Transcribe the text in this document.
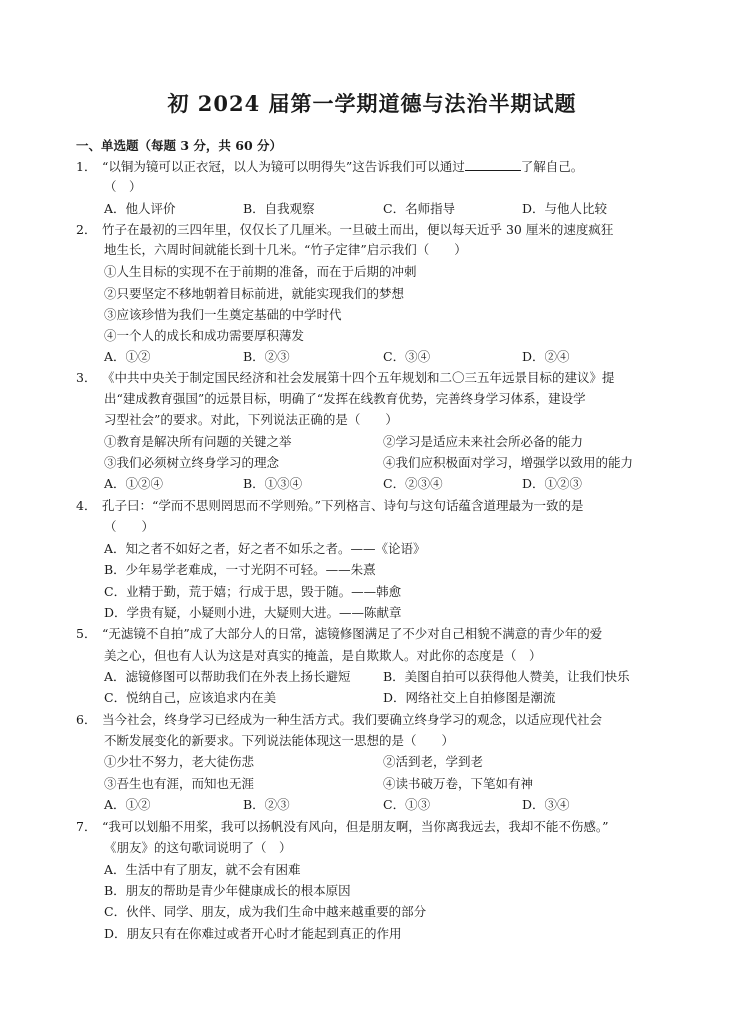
初 2024 届第一学期道德与法治半期试题
一、单选题（每题 3 分，共 60 分）
1． “以铜为镜可以正衣冠，以人为镜可以明得失”这告诉我们可以通过	了解自己。
（　）
A．他人评价	B．自我观察	C．名师指导	D．与他人比较
2． 竹子在最初的三四年里，仅仅长了几厘米。一旦破土而出，便以每天近乎 30 厘米的速度疯狂
地生长，六周时间就能长到十几米。“竹子定律”启示我们（　　）
①人生目标的实现不在于前期的准备，而在于后期的冲刺
②只要坚定不移地朝着目标前进，就能实现我们的梦想
③应该珍惜为我们一生奠定基础的中学时代
④一个人的成长和成功需要厚积薄发
A．①②	B．②③	C．③④	D．②④
3． 《中共中央关于制定国民经济和社会发展第十四个五年规划和二〇三五年远景目标的建议》提
出“建成教育强国”的远景目标，明确了“发挥在线教育优势，完善终身学习体系，建设学
习型社会”的要求。对此，下列说法正确的是（　　）
①教育是解决所有问题的关键之举	②学习是适应未来社会所必备的能力
③我们必须树立终身学习的理念	④我们应积极面对学习，增强学以致用的能力
A．①②④	B．①③④	C．②③④	D．①②③
4． 孔子曰：“学而不思则罔思而不学则殆。”下列格言、诗句与这句话蕴含道理最为一致的是
（　　）
A．知之者不如好之者，好之者不如乐之者。——《论语》
B．少年易学老难成，一寸光阴不可轻。——朱熹
C．业精于勤，荒于嬉；行成于思，毁于随。——韩愈
D．学贵有疑，小疑则小进，大疑则大进。——陈献章
5． “无滤镜不自拍”成了大部分人的日常，滤镜修图满足了不少对自己相貌不满意的青少年的爱
美之心，但也有人认为这是对真实的掩盖，是自欺欺人。对此你的态度是（　）
A．滤镜修图可以帮助我们在外表上扬长避短	B．美图自拍可以获得他人赞美，让我们快乐
C．悦纳自己，应该追求内在美	D．网络社交上自拍修图是潮流
6． 当今社会，终身学习已经成为一种生活方式。我们要确立终身学习的观念，以适应现代社会
不断发展变化的新要求。下列说法能体现这一思想的是（　　）
①少壮不努力，老大徒伤悲	②活到老，学到老
③吾生也有涯，而知也无涯	④读书破万卷，下笔如有神
A．①②	B．②③	C．①③	D．③④
7． “我可以划船不用桨，我可以扬帆没有风向，但是朋友啊，当你离我远去，我却不能不伤感。”
《朋友》的这句歌词说明了（　）
A．生活中有了朋友，就不会有困难
B．朋友的帮助是青少年健康成长的根本原因
C．伙伴、同学、朋友，成为我们生命中越来越重要的部分
D．朋友只有在你难过或者开心时才能起到真正的作用
